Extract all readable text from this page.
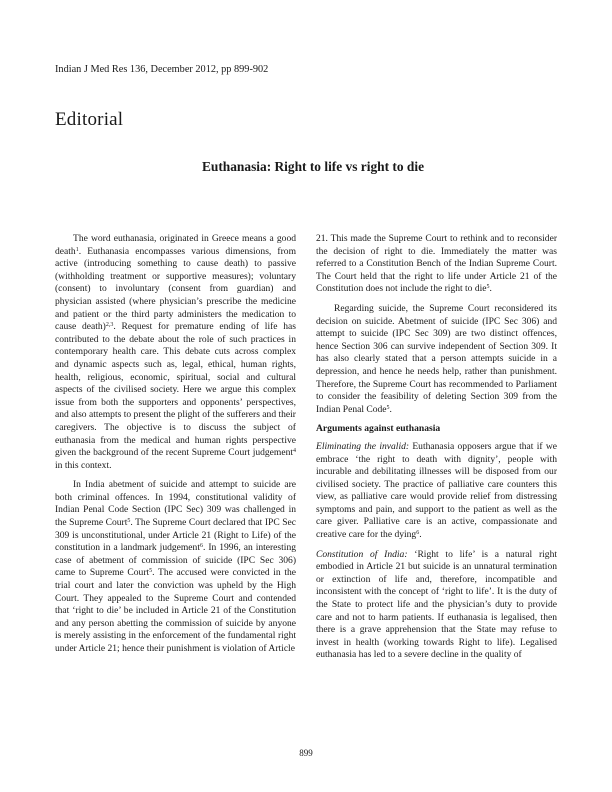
Indian J Med Res 136, December 2012, pp 899-902
Editorial
Euthanasia: Right to life vs right to die

The word euthanasia, originated in Greece means a good death$^1$. Euthanasia encompasses various dimensions, from active (introducing something to cause death) to passive (withholding treatment or supportive measures); voluntary (consent) to involuntary (consent from guardian) and physician assisted (where physician’s prescribe the medicine and patient or the third party administers the medication to cause death)$^{2,3}$. Request for premature ending of life has contributed to the debate about the role of such practices in contemporary health care. This debate cuts across complex and dynamic aspects such as, legal, ethical, human rights, health, religious, economic, spiritual, social and cultural aspects of the civilised society. Here we argue this complex issue from both the supporters and opponents’ perspectives, and also attempts to present the plight of the sufferers and their caregivers. The objective is to discuss the subject of euthanasia from the medical and human rights perspective given the background of the recent Supreme Court judgement$^4$ in this context.

In India abetment of suicide and attempt to suicide are both criminal offences. In 1994, constitutional validity of Indian Penal Code Section (IPC Sec) 309 was challenged in the Supreme Court$^5$. The Supreme Court declared that IPC Sec 309 is unconstitutional, under Article 21 (Right to Life) of the constitution in a landmark judgement$^6$. In 1996, an interesting case of abetment of commission of suicide (IPC Sec 306) came to Supreme Court$^5$. The accused were convicted in the trial court and later the conviction was upheld by the High Court. They appealed to the Supreme Court and contended that ‘right to die’ be included in Article 21 of the Constitution and any person abetting the commission of suicide by anyone is merely assisting in the enforcement of the fundamental right under Article 21; hence their punishment is violation of Article

21. This made the Supreme Court to rethink and to reconsider the decision of right to die. Immediately the matter was referred to a Constitution Bench of the Indian Supreme Court. The Court held that the right to life under Article 21 of the Constitution does not include the right to die$^5$.

Regarding suicide, the Supreme Court reconsidered its decision on suicide. Abetment of suicide (IPC Sec 306) and attempt to suicide (IPC Sec 309) are two distinct offences, hence Section 306 can survive independent of Section 309. It has also clearly stated that a person attempts suicide in a depression, and hence he needs help, rather than punishment. Therefore, the Supreme Court has recommended to Parliament to consider the feasibility of deleting Section 309 from the Indian Penal Code$^5$.

Arguments against euthanasia

Eliminating the invalid: Euthanasia opposers argue that if we embrace ‘the right to death with dignity’, people with incurable and debilitating illnesses will be disposed from our civilised society. The practice of palliative care counters this view, as palliative care would provide relief from distressing symptoms and pain, and support to the patient as well as the care giver. Palliative care is an active, compassionate and creative care for the dying$^6$.

Constitution of India: ‘Right to life’ is a natural right embodied in Article 21 but suicide is an unnatural termination or extinction of life and, therefore, incompatible and inconsistent with the concept of ‘right to life’. It is the duty of the State to protect life and the physician’s duty to provide care and not to harm patients. If euthanasia is legalised, then there is a grave apprehension that the State may refuse to invest in health (working towards Right to life). Legalised euthanasia has led to a severe decline in the quality of

899
